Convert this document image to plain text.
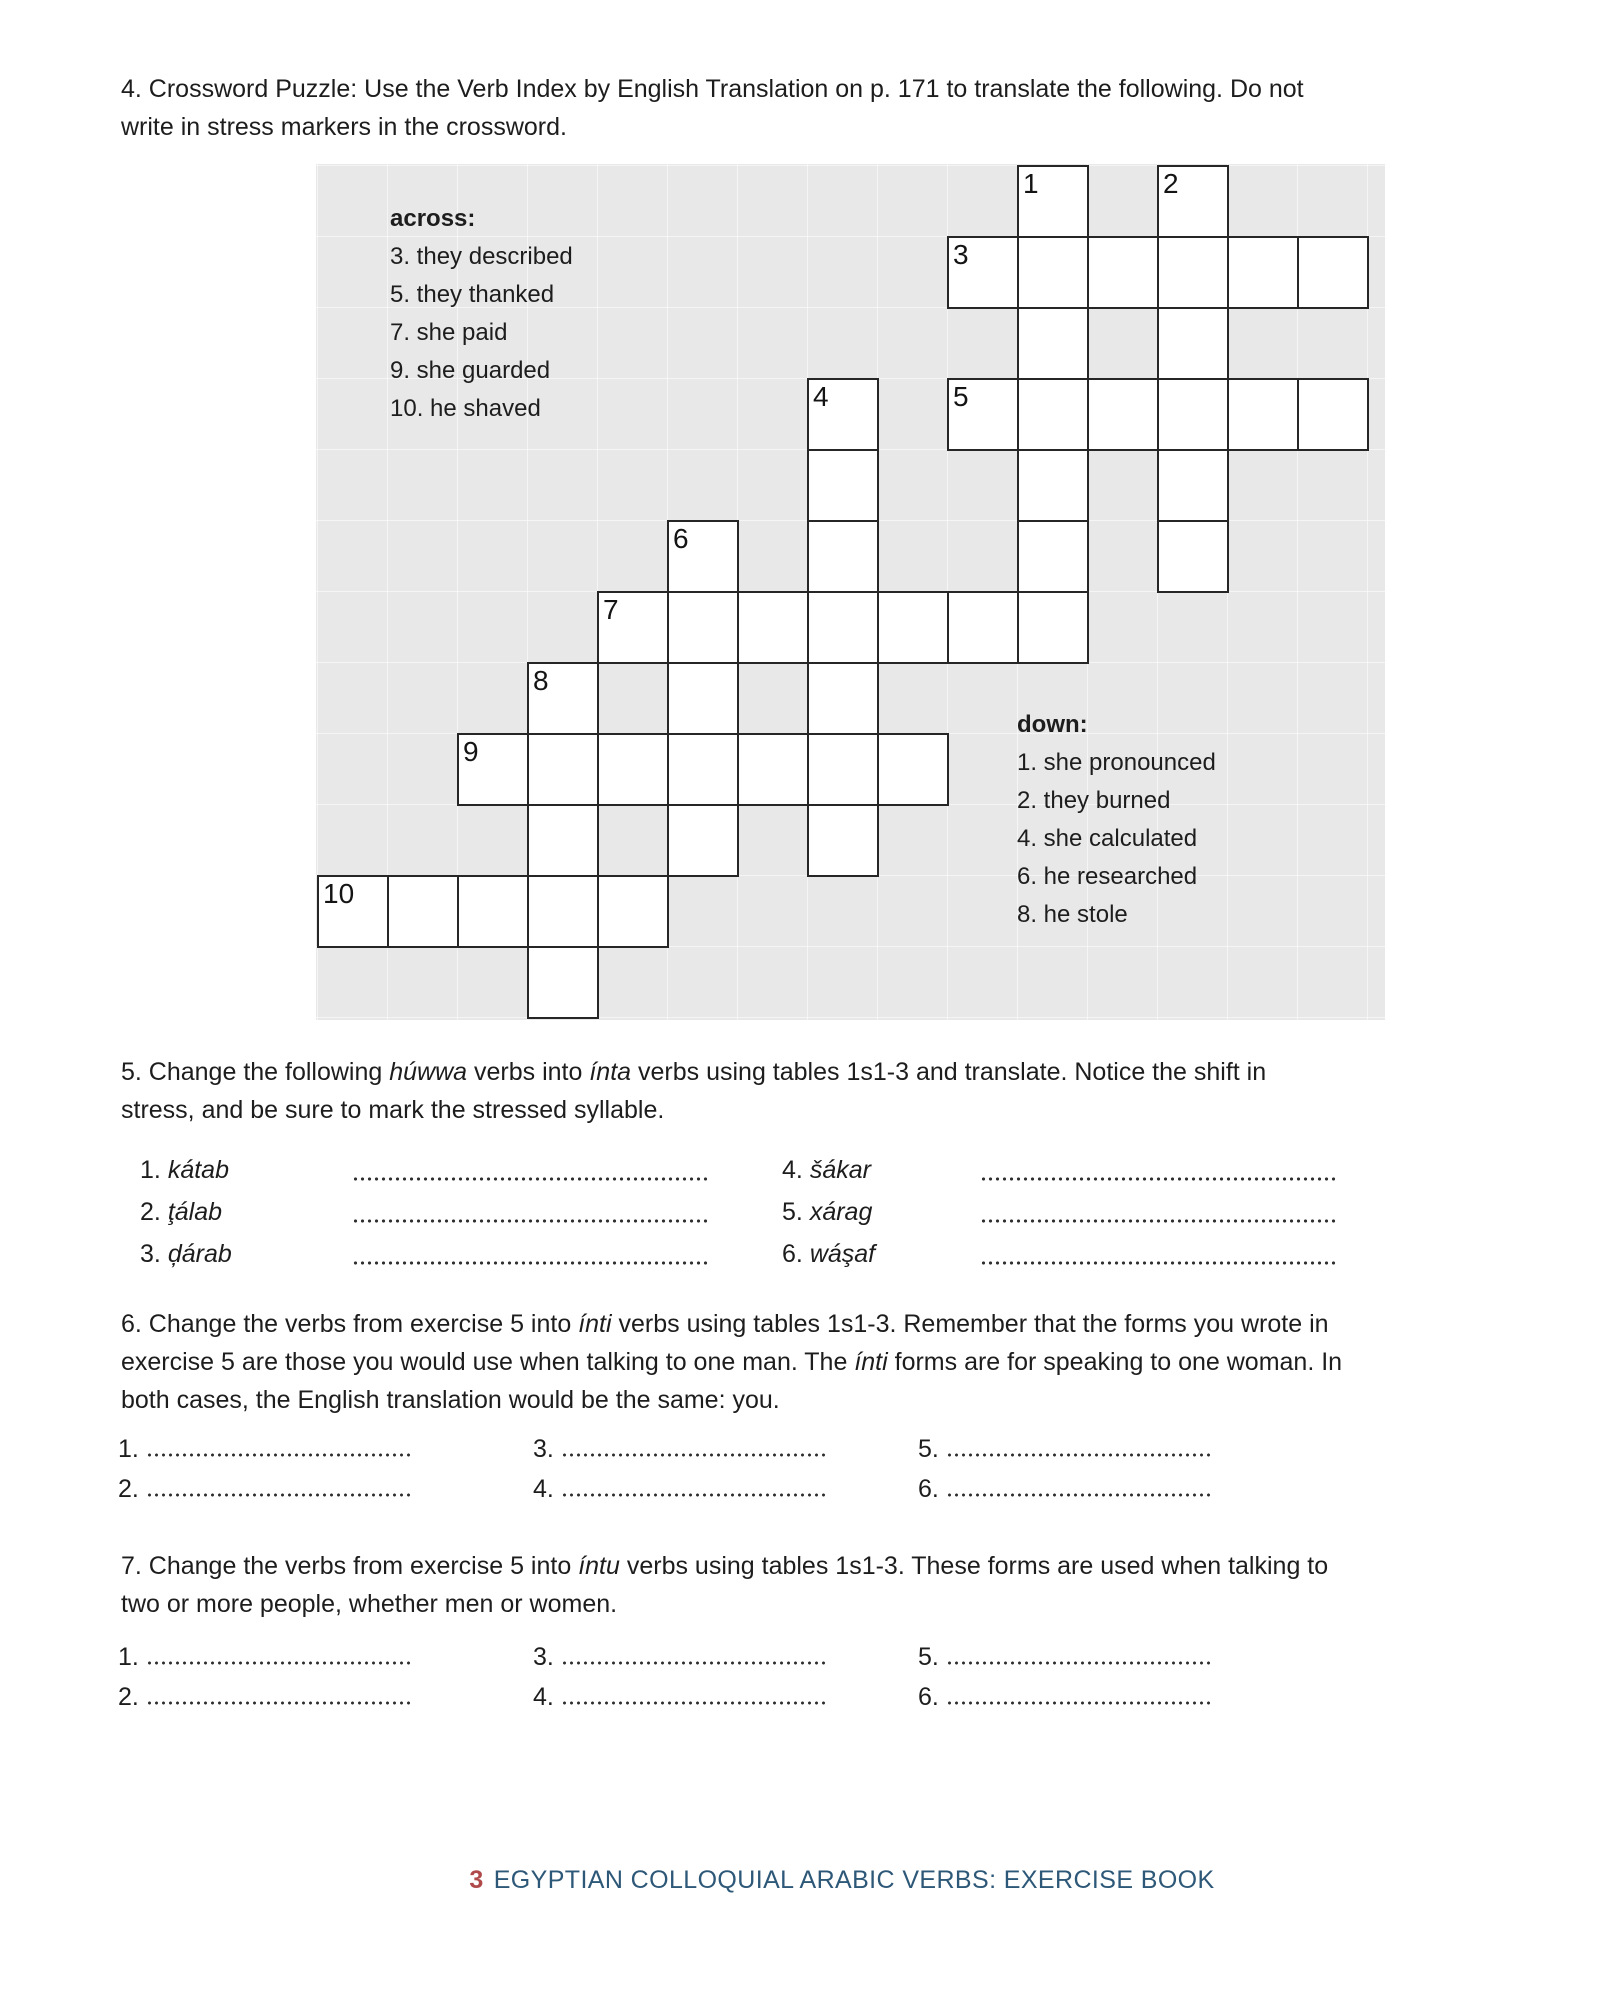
4. Crossword Puzzle: Use the Verb Index by English Translation on p. 171 to translate the following. Do not
write in stress markers in the crossword.
1	2
3
4	5
6
7
8
9
10
across:
3. they described
5. they thanked
7. she paid
9. she guarded
10. he shaved
down:
1. she pronounced
2. they burned
4. she calculated
6. he researched
8. he stole
5. Change the following húwwa verbs into ínta verbs using tables 1s1-3 and translate. Notice the shift in
stress, and be sure to mark the stressed syllable.
1. kátab	4. šákar
2. ţálab	5. xárag
3. ḑárab	6. wáşaf
6. Change the verbs from exercise 5 into ínti verbs using tables 1s1-3. Remember that the forms you wrote in
exercise 5 are those you would use when talking to one man. The ínti forms are for speaking to one woman. In
both cases, the English translation would be the same: you.
1.	3.	5.
2.	4.	6.
7. Change the verbs from exercise 5 into íntu verbs using tables 1s1-3. These forms are used when talking to
two or more people, whether men or women.
1.	3.	5.
2.	4.	6.
3 EGYPTIAN COLLOQUIAL ARABIC VERBS: EXERCISE BOOK
